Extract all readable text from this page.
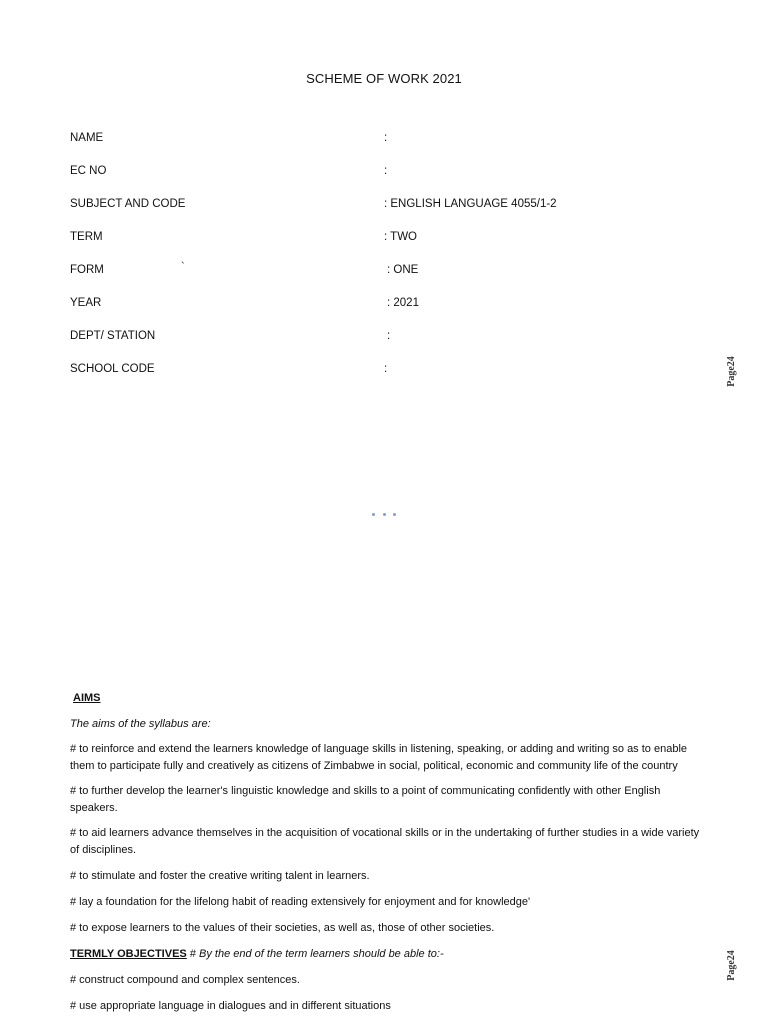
SCHEME OF WORK 2021
NAME	:
EC NO	:
SUBJECT AND CODE	: ENGLISH LANGUAGE 4055/1-2
TERM	: TWO
FORM	`	: ONE
YEAR	: 2021
DEPT/ STATION	:
SCHOOL CODE	:	Page24

AIMS
The aims of the syllabus are:
# to reinforce and extend the learners knowledge of language skills in listening, speaking, or adding and writing so as to enable them to participate fully and creatively as citizens of Zimbabwe in social, political, economic and community life of the country
# to further develop the learner's linguistic knowledge and skills to a point of communicating confidently with other English speakers.
# to aid learners advance themselves in the acquisition of vocational skills or in the undertaking of further studies in a wide variety of disciplines.
# to stimulate and foster the creative writing talent in learners.
# lay a foundation for the lifelong habit of reading extensively for enjoyment and for knowledge'
# to expose learners to the values of their societies, as well as, those of other societies.
TERMLY OBJECTIVES # By the end of the term learners should be able to:-
# construct compound and complex sentences.
# use appropriate language in dialogues and in different situations
Page24
